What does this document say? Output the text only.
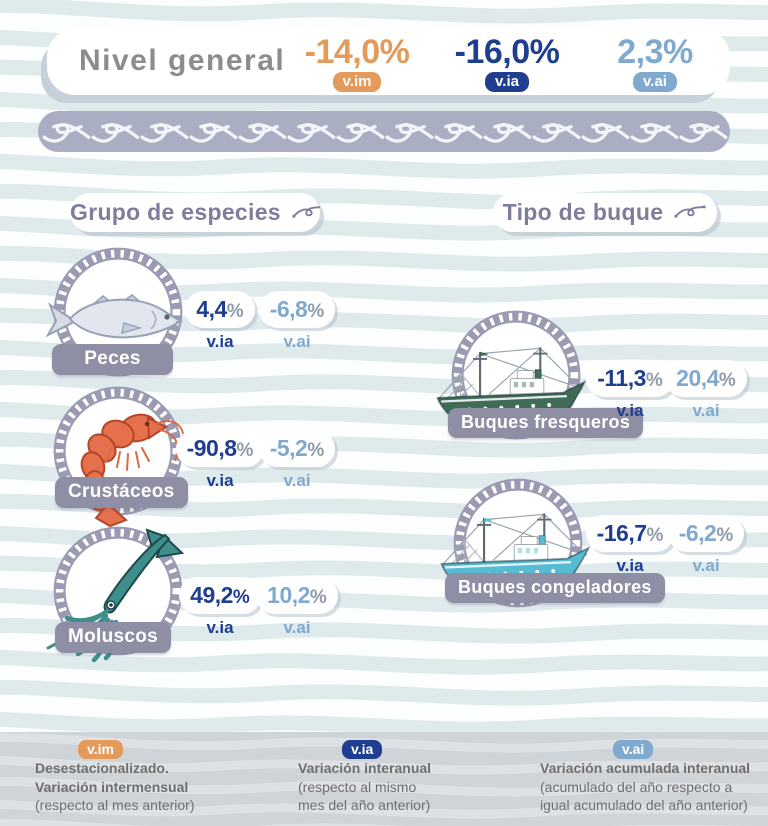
Nivel general -14,0%
v.im
-16,0%
v.ia
2,3%
v.ai
Grupo de especies	Tipo de buque
Peces
4,4%
v.ia
-6,8%
v.ai
Crustáceos
-90,8%
v.ia
-5,2%
v.ai
Moluscos
49,2%
v.ia
10,2%
v.ai
Buques fresqueros
-11,3%
v.ia
20,4%
v.ai
Buques congeladores
-16,7%
v.ia
-6,2%
v.ai
v.im
Desestacionalizado.
Variación intermensual
(respecto al mes anterior)
v.ia
Variación interanual
(respecto al mismo
mes del año anterior)
v.ai
Variación acumulada interanual
(acumulado del año respecto a
igual acumulado del año anterior)
